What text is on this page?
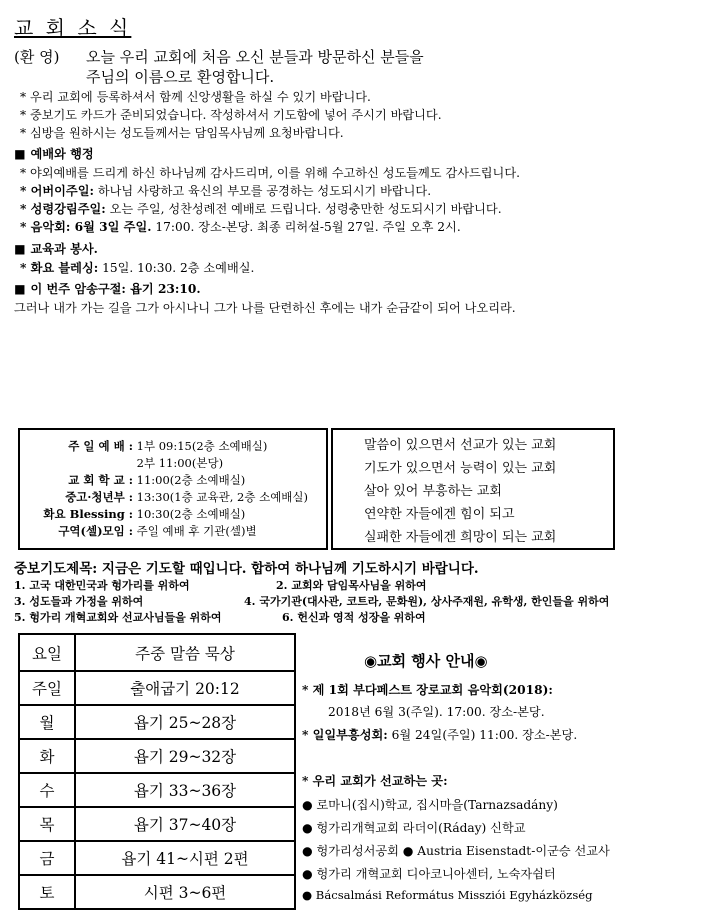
교 회 소 식
(환 영) 오늘 우리 교회에 처음 오신 분들과 방문하신 분들을
주님의 이름으로 환영합니다.
* 우리 교회에 등록하셔서 함께 신앙생활을 하실 수 있기 바랍니다.
* 중보기도 카드가 준비되었습니다. 작성하셔서 기도함에 넣어 주시기 바랍니다.
* 심방을 원하시는 성도들께서는 담임목사님께 요청바랍니다.
■ 예배와 행정
* 야외예배를 드리게 하신 하나님께 감사드리며, 이를 위해 수고하신 성도들께도 감사드립니다.
* 어버이주일: 하나님 사랑하고 육신의 부모를 공경하는 성도되시기 바랍니다.
* 성령강림주일: 오는 주일, 성찬성례전 예배로 드립니다. 성령충만한 성도되시기 바랍니다.
* 음악회: 6월 3일 주일. 17:00. 장소-본당. 최종 리허설-5월 27일. 주일 오후 2시.
■ 교육과 봉사.
* 화요 블레싱: 15일. 10:30. 2층 소예배실.
■ 이 번주 암송구절: 욥기 23:10.
그러나 내가 가는 길을 그가 아시나니 그가 나를 단련하신 후에는 내가 순금같이 되어 나오리라.
주 일 예 배 : 1부 09:15(2층 소예배실)
2부 11:00(본당)
교 회 학 교 : 11:00(2층 소예배실)
중고·청년부 : 13:30(1층 교육관, 2층 소예배실)
화요 Blessing : 10:30(2층 소예배실)
구역(셀)모임 : 주일 예배 후 기관(셀)별
말씀이 있으면서 선교가 있는 교회
기도가 있으면서 능력이 있는 교회
살아 있어 부흥하는 교회
연약한 자들에겐 힘이 되고
실패한 자들에겐 희망이 되는 교회
중보기도제목: 지금은 기도할 때입니다. 합하여 하나님께 기도하시기 바랍니다.
1. 고국 대한민국과 헝가리를 위하여	2. 교회와 담임목사님을 위하여
3. 성도들과 가정을 위하여	4. 국가기관(대사관, 코트라, 문화원), 상사주재원, 유학생, 한인들을 위하여
5. 헝가리 개혁교회와 선교사님들을 위하여	6. 헌신과 영적 성장을 위하여
요일	주중 말씀 묵상
주일	출애굽기 20:12
월	욥기 25~28장
화	욥기 29~32장
수	욥기 33~36장
목	욥기 37~40장
금	욥기 41~시편 2편
토	시편 3~6편
◉교회 행사 안내◉
* 제 1회 부다페스트 장로교회 음악회(2018):
2018년 6월 3(주일). 17:00. 장소-본당.
* 일일부흥성회: 6월 24일(주일) 11:00. 장소-본당.
* 우리 교회가 선교하는 곳:
● 로마니(집시)학교, 집시마을(Tarnazsadány)
● 헝가리개혁교회 라더이(Ráday) 신학교
● 헝가리성서공회 ● Austria Eisenstadt-이군승 선교사
● 헝가리 개혁교회 디아코니아센터, 노숙자쉼터
● Bácsalmási Református Missziói Egyházközség
